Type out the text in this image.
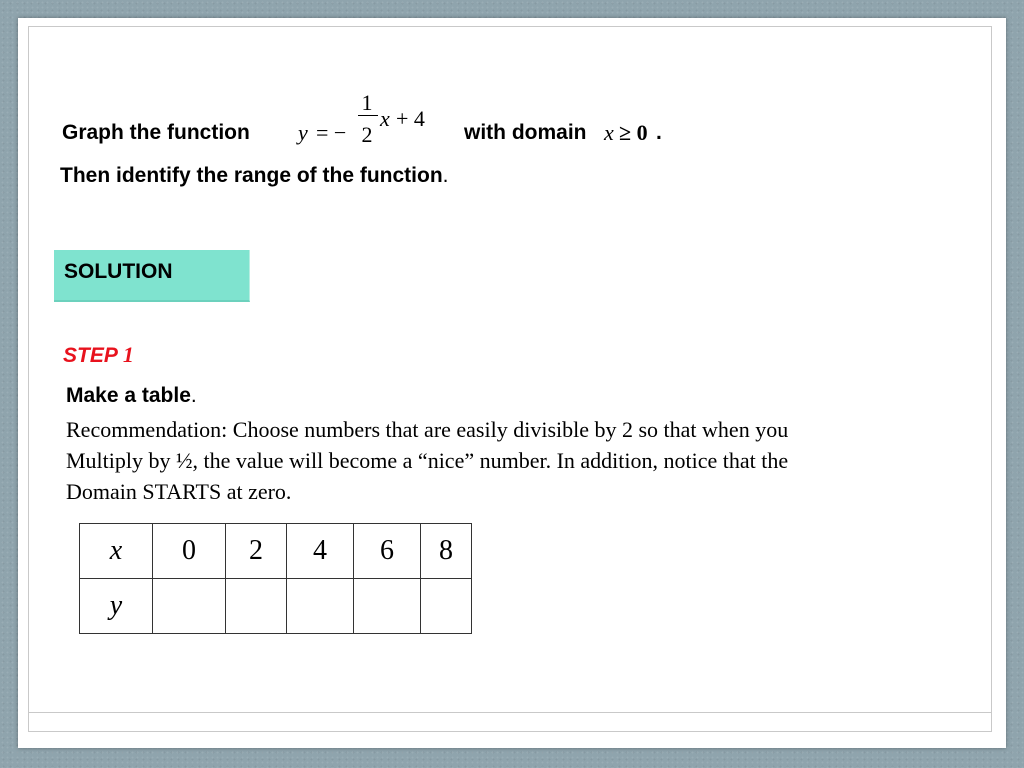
Graph the function y = −
1
2
x + 4
with domain x ≥ 0 .
Then identify the range of the function.
SOLUTION
STEP 1
Make a table.
Recommendation: Choose numbers that are easily divisible by 2 so that when you
Multiply by ½, the value will become a “nice” number. In addition, notice that the
Domain STARTS at zero.
x	0	2	4	6	8
y					
